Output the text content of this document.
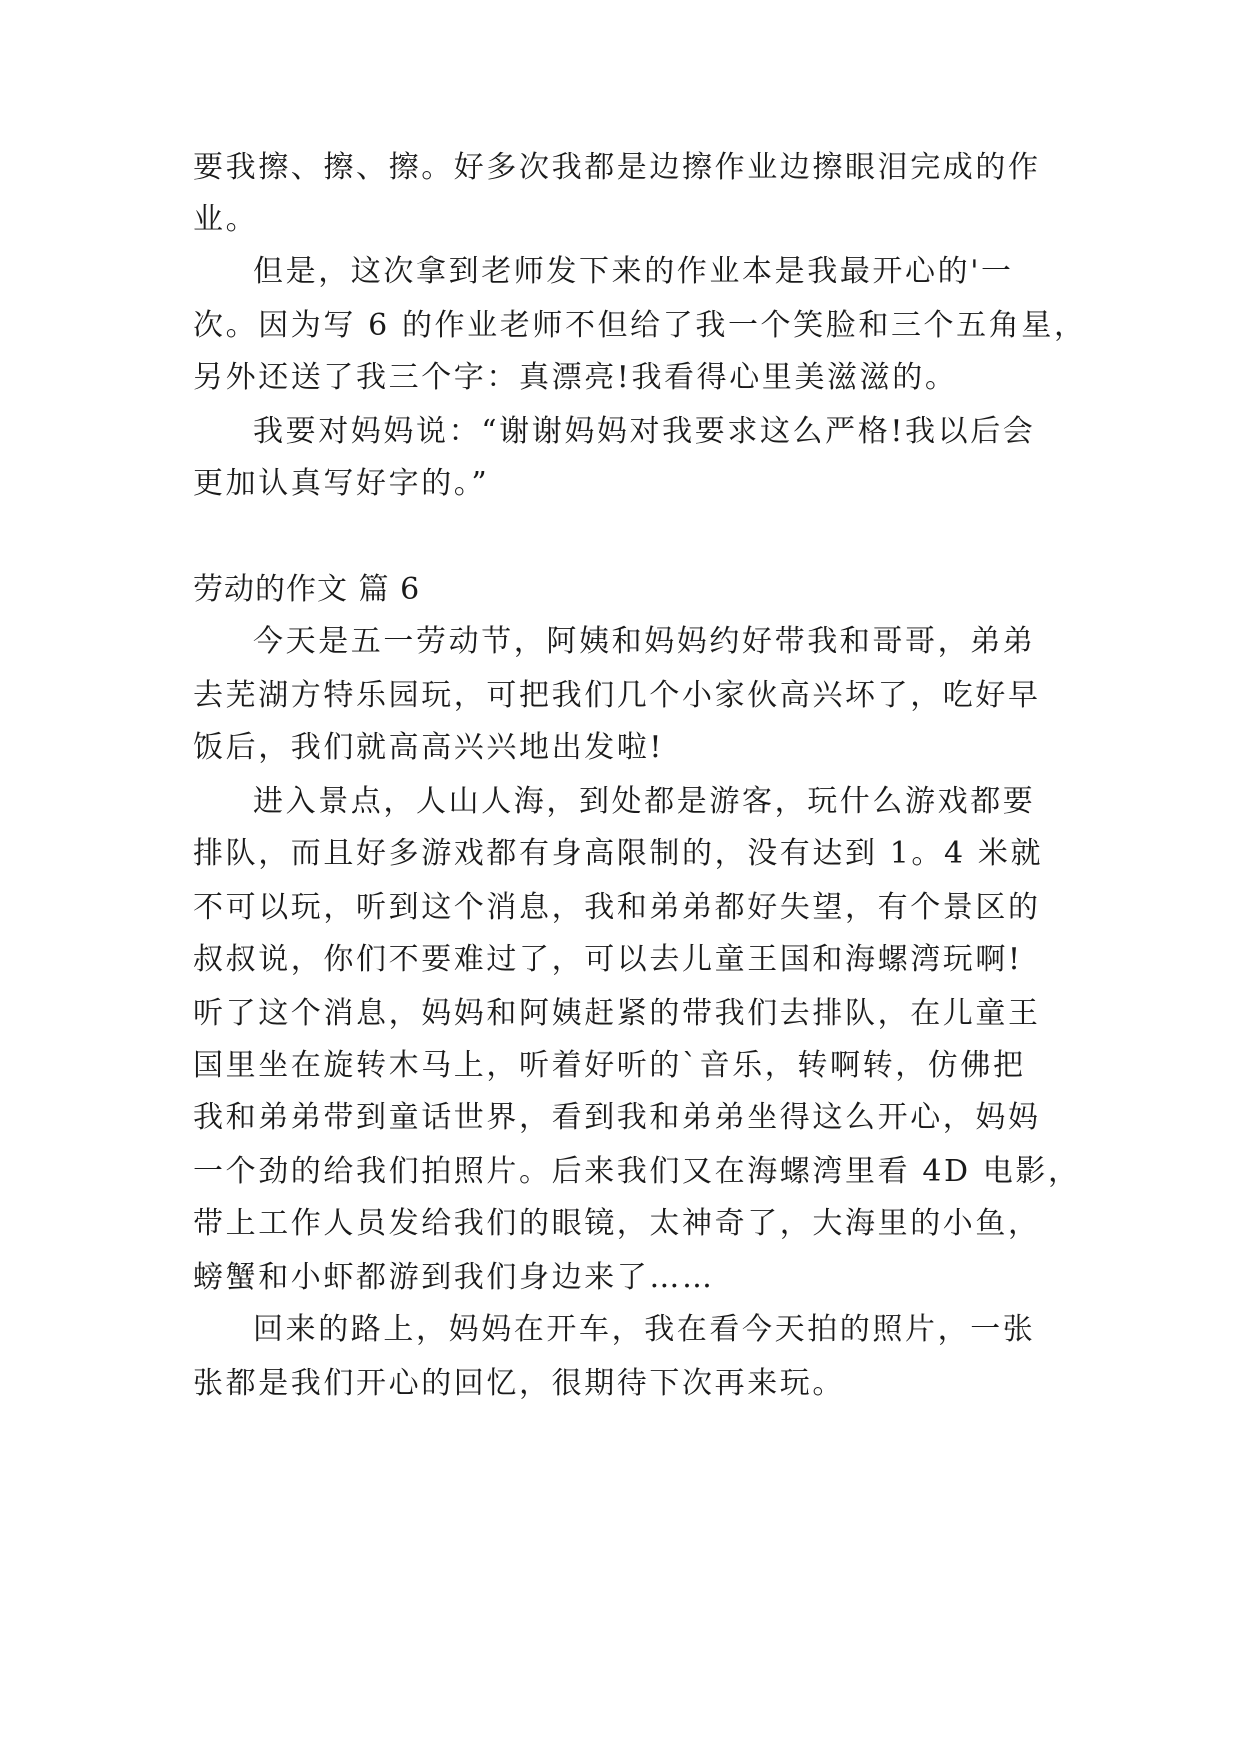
要我擦、擦、擦。好多次我都是边擦作业边擦眼泪完成的作
业。
但是，这次拿到老师发下来的作业本是我最开心的'一
次。因为写 6 的作业老师不但给了我一个笑脸和三个五角星，
另外还送了我三个字：真漂亮!我看得心里美滋滋的。
我要对妈妈说：“谢谢妈妈对我要求这么严格!我以后会
更加认真写好字的。”
劳动的作文 篇 6
今天是五一劳动节，阿姨和妈妈约好带我和哥哥，弟弟
去芜湖方特乐园玩，可把我们几个小家伙高兴坏了，吃好早
饭后，我们就高高兴兴地出发啦!
进入景点，人山人海，到处都是游客，玩什么游戏都要
排队，而且好多游戏都有身高限制的，没有达到 1。4 米就
不可以玩，听到这个消息，我和弟弟都好失望，有个景区的
叔叔说，你们不要难过了，可以去儿童王国和海螺湾玩啊!
听了这个消息，妈妈和阿姨赶紧的带我们去排队，在儿童王
国里坐在旋转木马上，听着好听的`音乐，转啊转，仿佛把
我和弟弟带到童话世界，看到我和弟弟坐得这么开心，妈妈
一个劲的给我们拍照片。后来我们又在海螺湾里看 4D 电影，
带上工作人员发给我们的眼镜，太神奇了，大海里的小鱼，
螃蟹和小虾都游到我们身边来了……
回来的路上，妈妈在开车，我在看今天拍的照片，一张
张都是我们开心的回忆，很期待下次再来玩。
